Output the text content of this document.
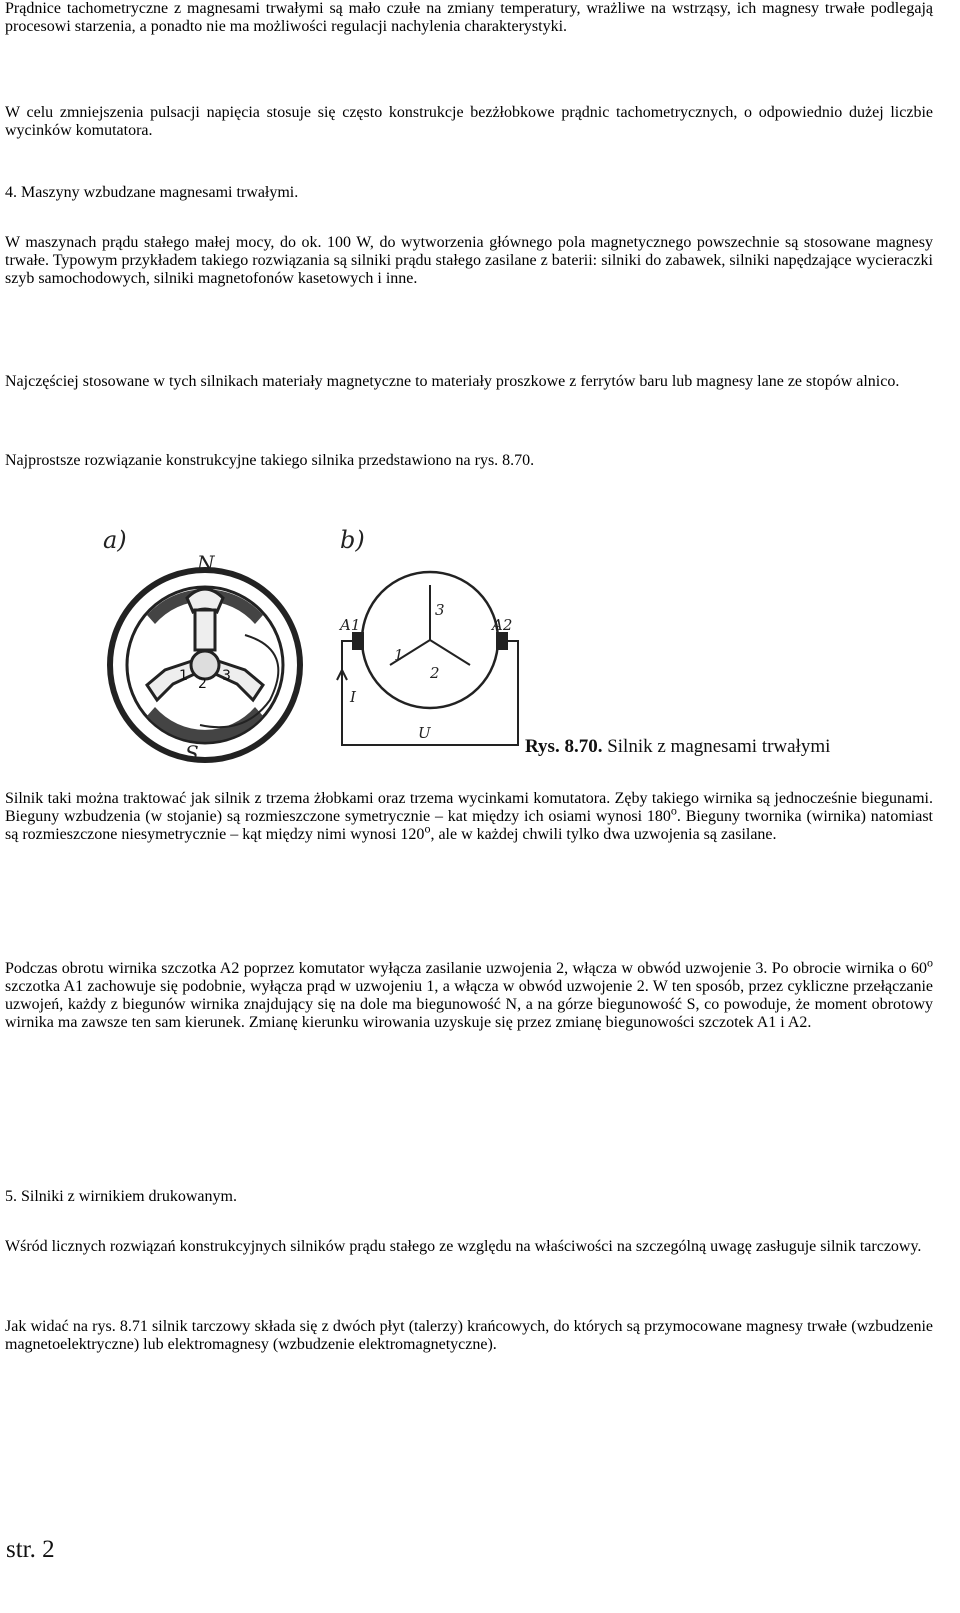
Prądnice tachometryczne z magnesami trwałymi są mało czułe na zmiany temperatury, wrażliwe na wstrząsy, ich magnesy trwałe podlegają procesowi starzenia, a ponadto nie ma możliwości regulacji nachylenia charakterystyki.

W celu zmniejszenia pulsacji napięcia stosuje się często konstrukcje bezżłobkowe prądnic tachometrycznych, o odpowiednio dużej liczbie wycinków komutatora.

4. Maszyny wzbudzane magnesami trwałymi.

W maszynach prądu stałego małej mocy, do ok. 100 W, do wytworzenia głównego pola magnetycznego powszechnie są stosowane magnesy trwałe. Typowym przykładem takiego rozwiązania są silniki prądu stałego zasilane z baterii: silniki do zabawek, silniki napędzające wycieraczki szyb samochodowych, silniki magnetofonów kasetowych i inne.

Najczęściej stosowane w tych silnikach materiały magnetyczne to materiały proszkowe z ferrytów baru lub magnesy lane ze stopów alnico.

Najprostsze rozwiązanie konstrukcyjne takiego silnika przedstawiono na rys. 8.70.

a)
N
1 2 3
S
b)
3
1
2
A1	A2
I
U
Rys. 8.70. Silnik z magnesami trwałymi

Silnik taki można traktować jak silnik z trzema żłobkami oraz trzema wycinkami komutatora. Zęby takiego wirnika są jednocześnie biegunami. Bieguny wzbudzenia (w stojanie) są rozmieszczone symetrycznie – kat między ich osiami wynosi 180$^o$. Bieguny twornika (wirnika) natomiast są rozmieszczone niesymetrycznie – kąt między nimi wynosi 120$^o$, ale w każdej chwili tylko dwa uzwojenia są zasilane.

Podczas obrotu wirnika szczotka A2 poprzez komutator wyłącza zasilanie uzwojenia 2, włącza w obwód uzwojenie 3. Po obrocie wirnika o 60$^o$ szczotka A1 zachowuje się podobnie, wyłącza prąd w uzwojeniu 1, a włącza w obwód uzwojenie 2. W ten sposób, przez cykliczne przełączanie uzwojeń, każdy z biegunów wirnika znajdujący się na dole ma biegunowość N, a na górze biegunowość S, co powoduje, że moment obrotowy wirnika ma zawsze ten sam kierunek. Zmianę kierunku wirowania uzyskuje się przez zmianę biegunowości szczotek A1 i A2.

5. Silniki z wirnikiem drukowanym.

Wśród licznych rozwiązań konstrukcyjnych silników prądu stałego ze względu na właściwości na szczególną uwagę zasługuje silnik tarczowy.

Jak widać na rys. 8.71 silnik tarczowy składa się z dwóch płyt (talerzy) krańcowych, do których są przymocowane magnesy trwałe (wzbudzenie magnetoelektryczne) lub elektromagnesy (wzbudzenie elektromagnetyczne).

str. 2
